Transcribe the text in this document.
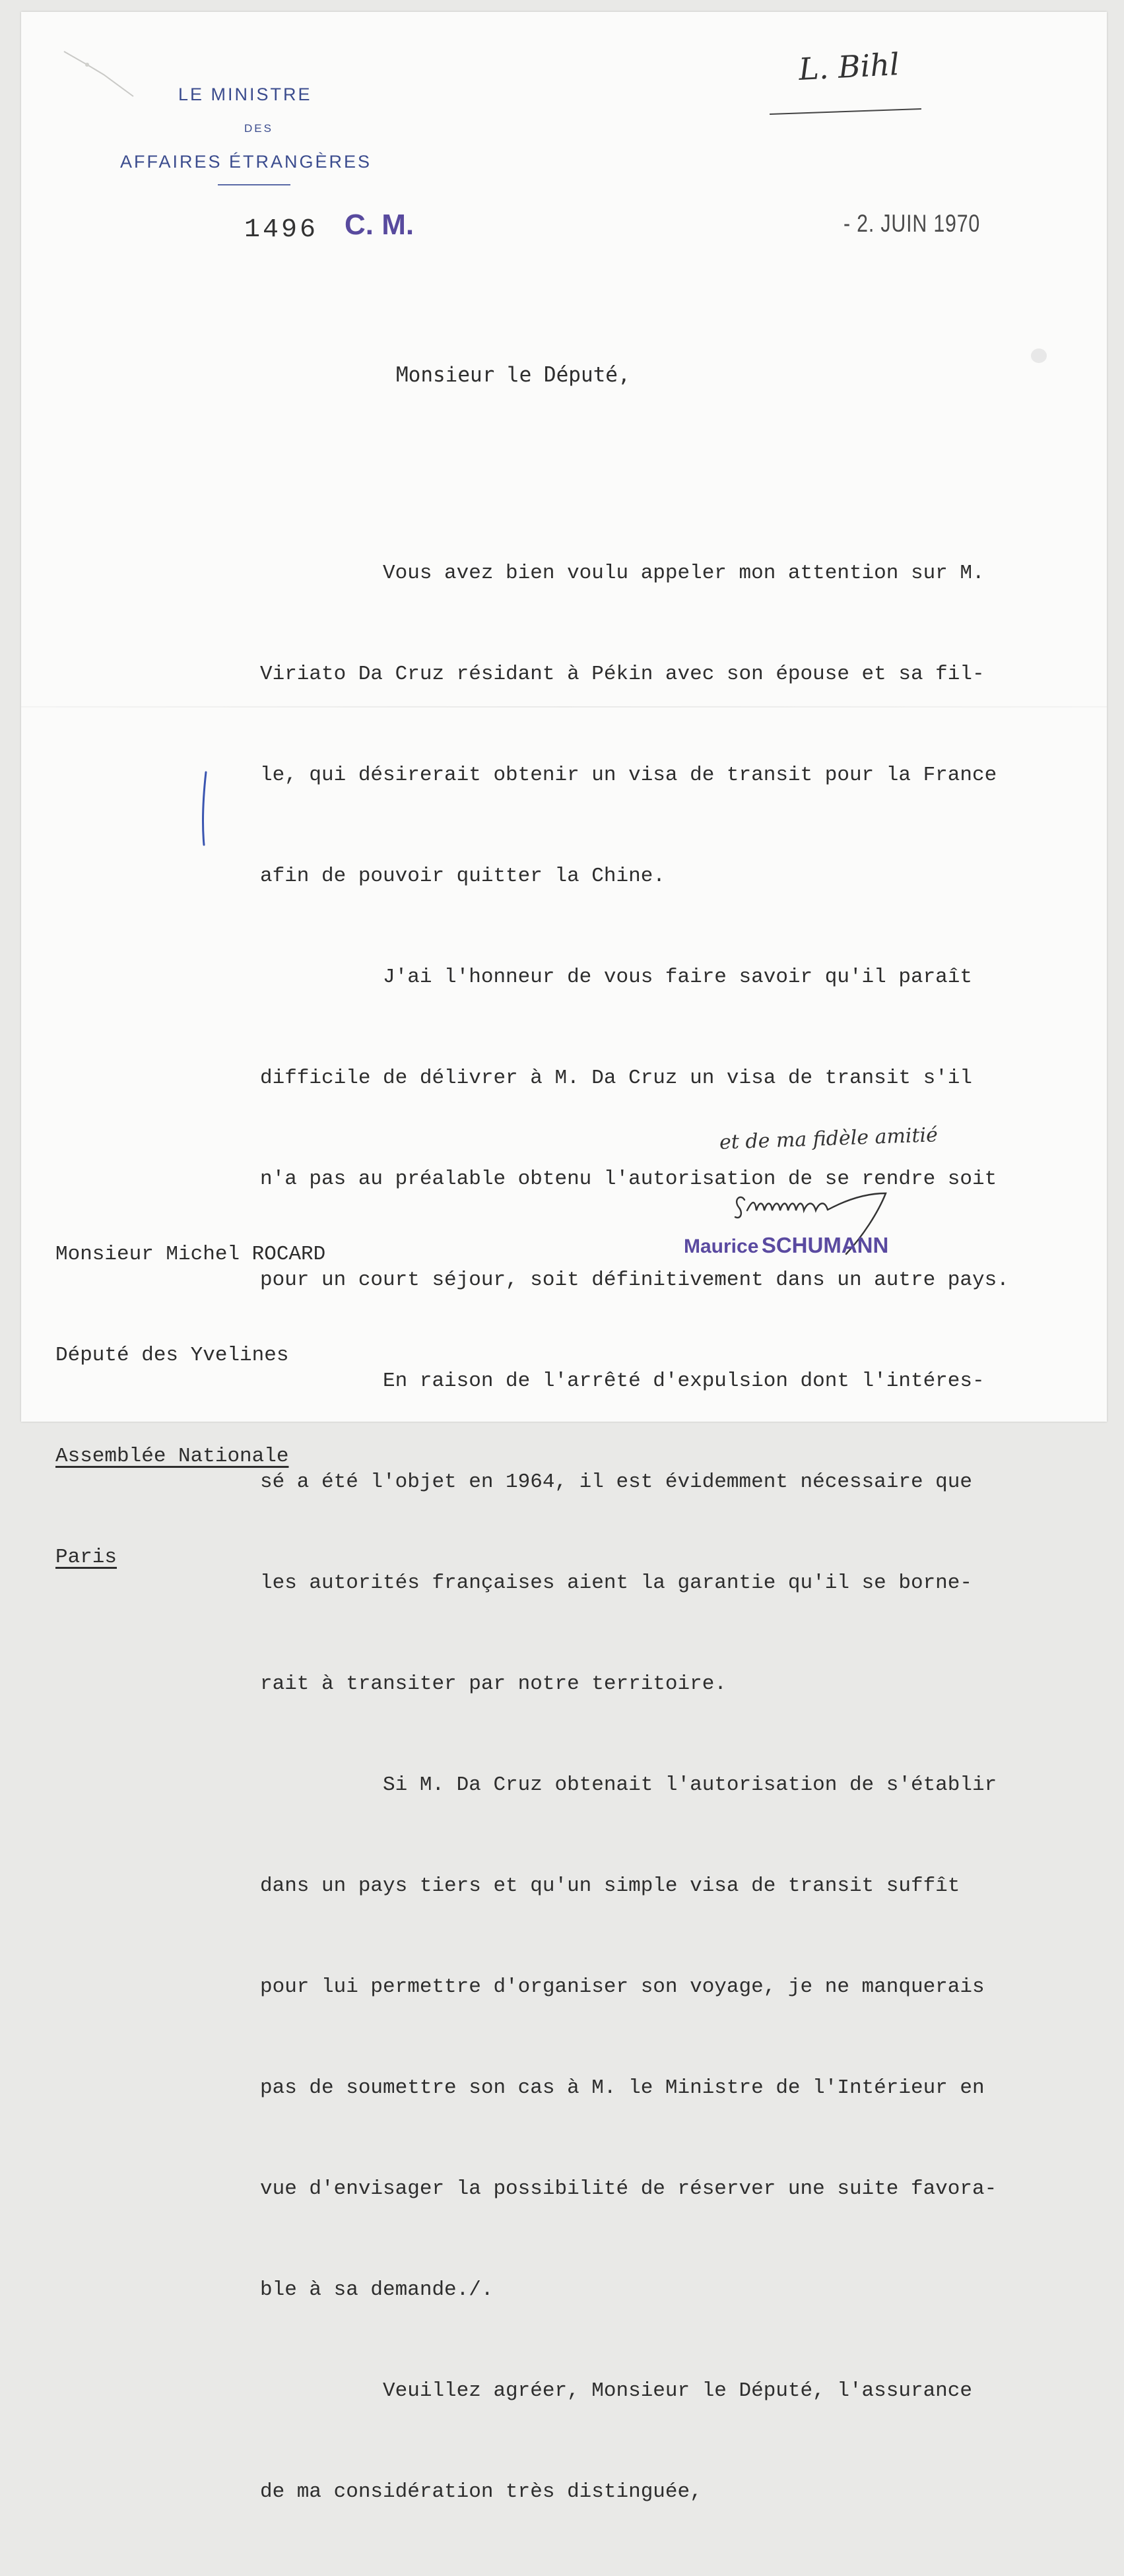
LE MINISTRE
DES
AFFAIRES ÉTRANGÈRES
1496 C. M.	- 2. JUIN 1970
L. Bihl
Monsieur le Député,

Vous avez bien voulu appeler mon attention sur M.

Viriato Da Cruz résidant à Pékin avec son épouse et sa fil-

le, qui désirerait obtenir un visa de transit pour la France

afin de pouvoir quitter la Chine.

J'ai l'honneur de vous faire savoir qu'il paraît

difficile de délivrer à M. Da Cruz un visa de transit s'il

n'a pas au préalable obtenu l'autorisation de se rendre soit

pour un court séjour, soit définitivement dans un autre pays.

En raison de l'arrêté d'expulsion dont l'intéres-

sé a été l'objet en 1964, il est évidemment nécessaire que

les autorités françaises aient la garantie qu'il se borne-

rait à transiter par notre territoire.

Si M. Da Cruz obtenait l'autorisation de s'établir

dans un pays tiers et qu'un simple visa de transit suffît

pour lui permettre d'organiser son voyage, je ne manquerais

pas de soumettre son cas à M. le Ministre de l'Intérieur en

vue d'envisager la possibilité de réserver une suite favora-

ble à sa demande./.

Veuillez agréer, Monsieur le Député, l'assurance

de ma considération très distinguée,

et de ma fidèle amitié

Monsieur Michel ROCARD

Député des Yvelines

Assemblée Nationale

Paris

Maurice SCHUMANN
